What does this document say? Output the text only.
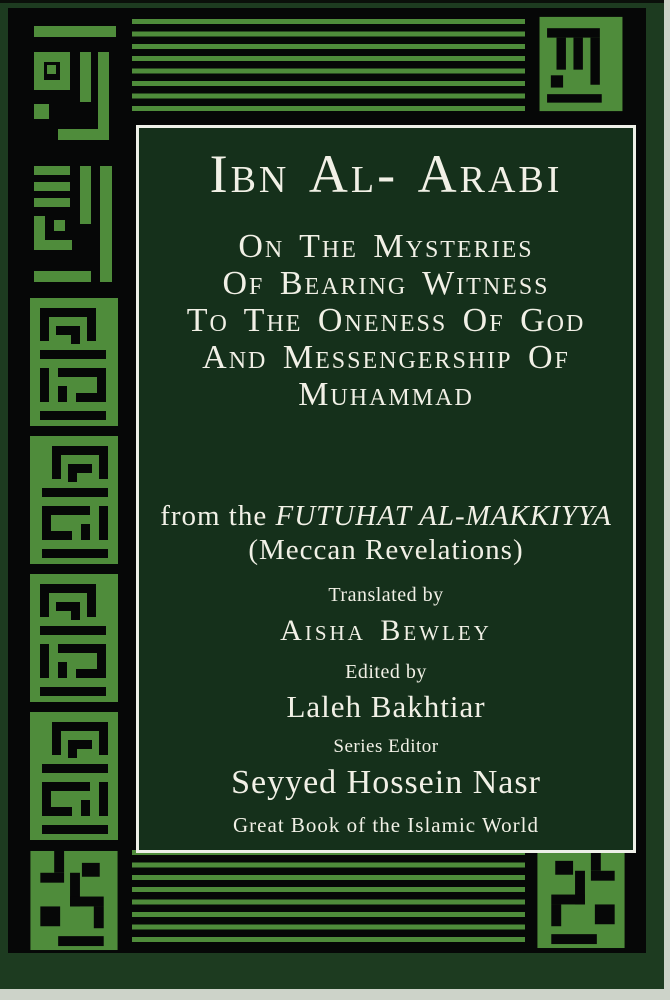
Ibn Al- Arabi

On The Mysteries
Of Bearing Witness
To The Oneness Of God
And Messengership Of
Muhammad

from the FUTUHAT AL-MAKKIYYA

(Meccan Revelations)

Translated by

Aisha Bewley

Edited by

Laleh Bakhtiar

Series Editor

Seyyed Hossein Nasr

Great Book of the Islamic World
